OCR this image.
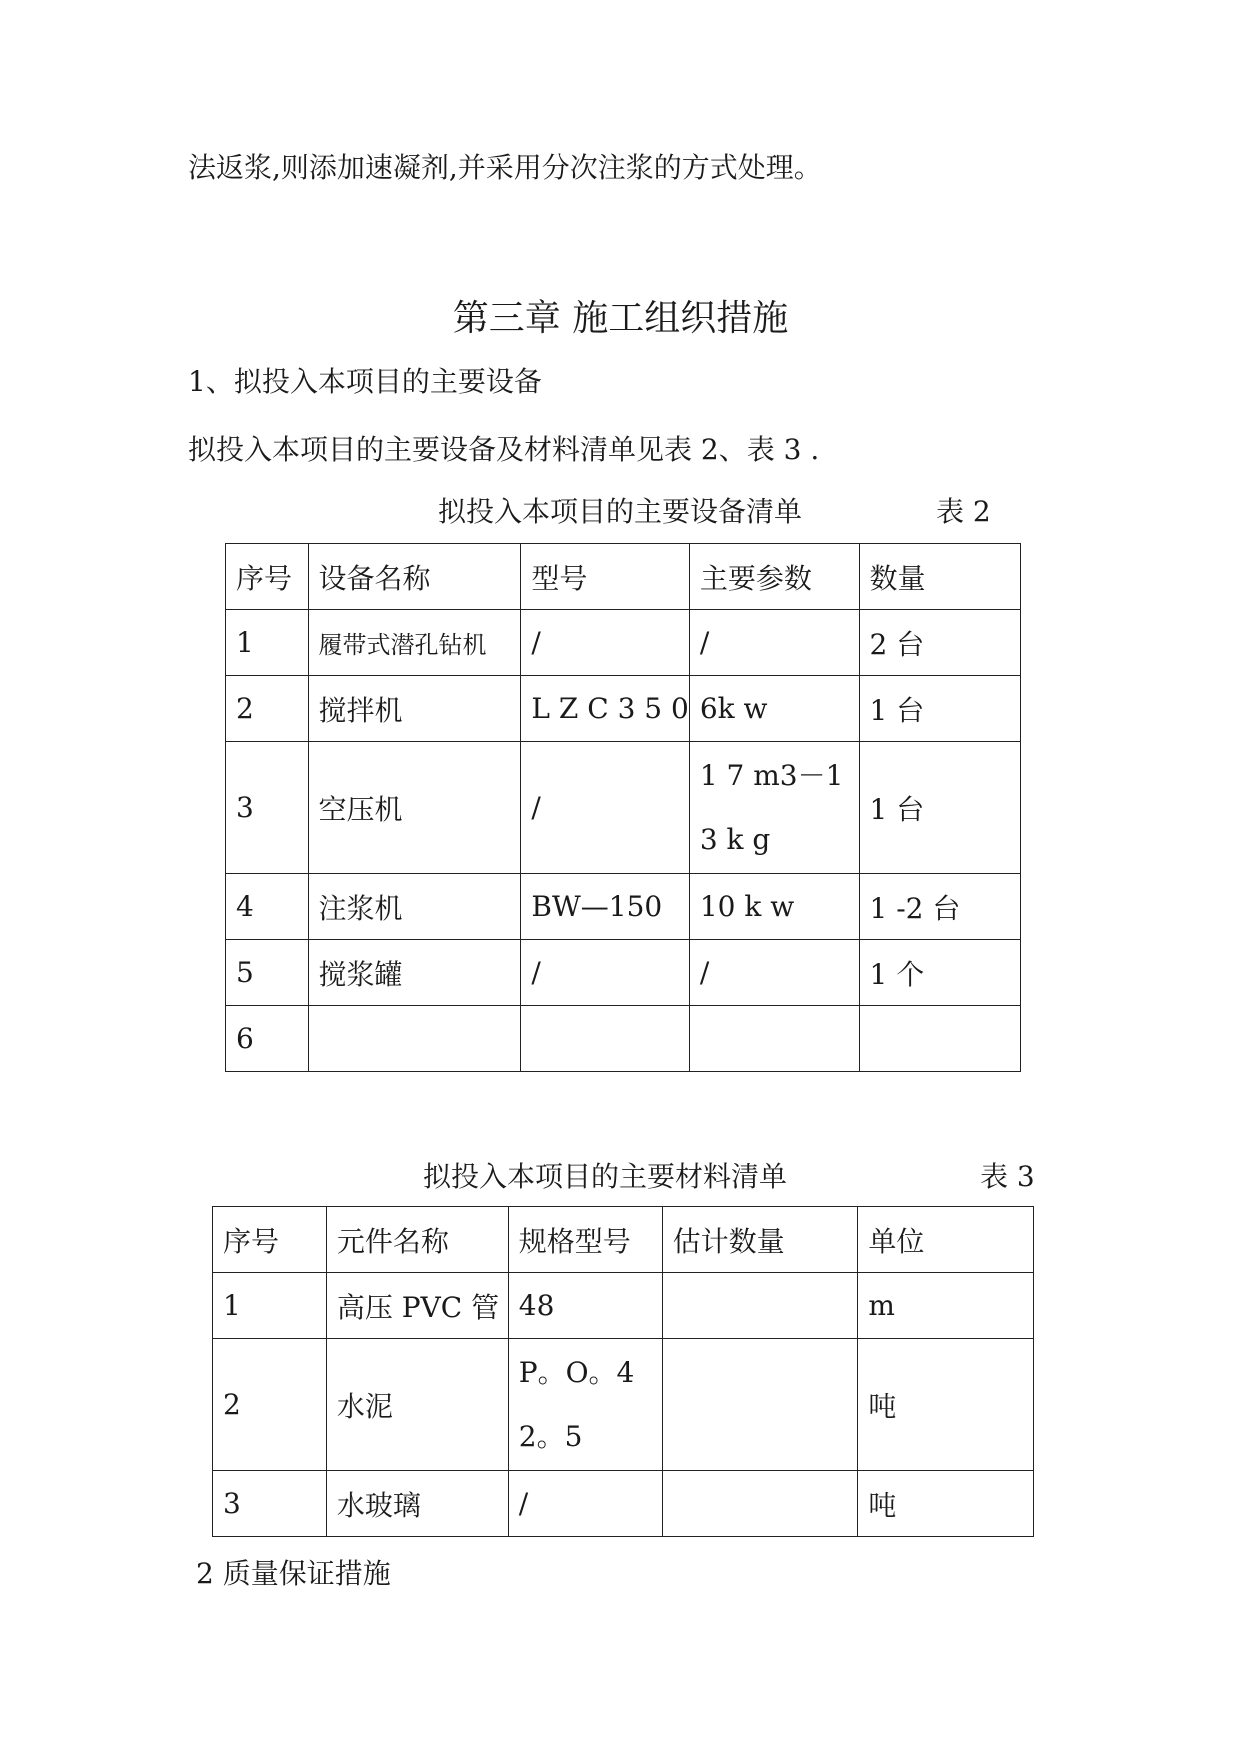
法返浆,则添加速凝剂,并采用分次注浆的方式处理。
第三章 施工组织措施
1、拟投入本项目的主要设备
拟投入本项目的主要设备及材料清单见表 2、表 3 .
拟投入本项目的主要设备清单	表 2
序号	设备名称	型号	主要参数	数量
1	履带式潜孔钻机	/	/	2 台
2	搅拌机	L Z C 3 5 0	6k w	1 台
3	空压机	/	1 7 m3－1 3 k g	1 台
4	注浆机	BW—150	10 k w	1 -2 台
5	搅浆罐	/	/	1 个
6				
拟投入本项目的主要材料清单	表 3
序号	元件名称	规格型号	估计数量	单位
1	高压 PVC 管	48		m
2	水泥	P。O。42。5		吨
3	水玻璃	/		吨
2 质量保证措施
